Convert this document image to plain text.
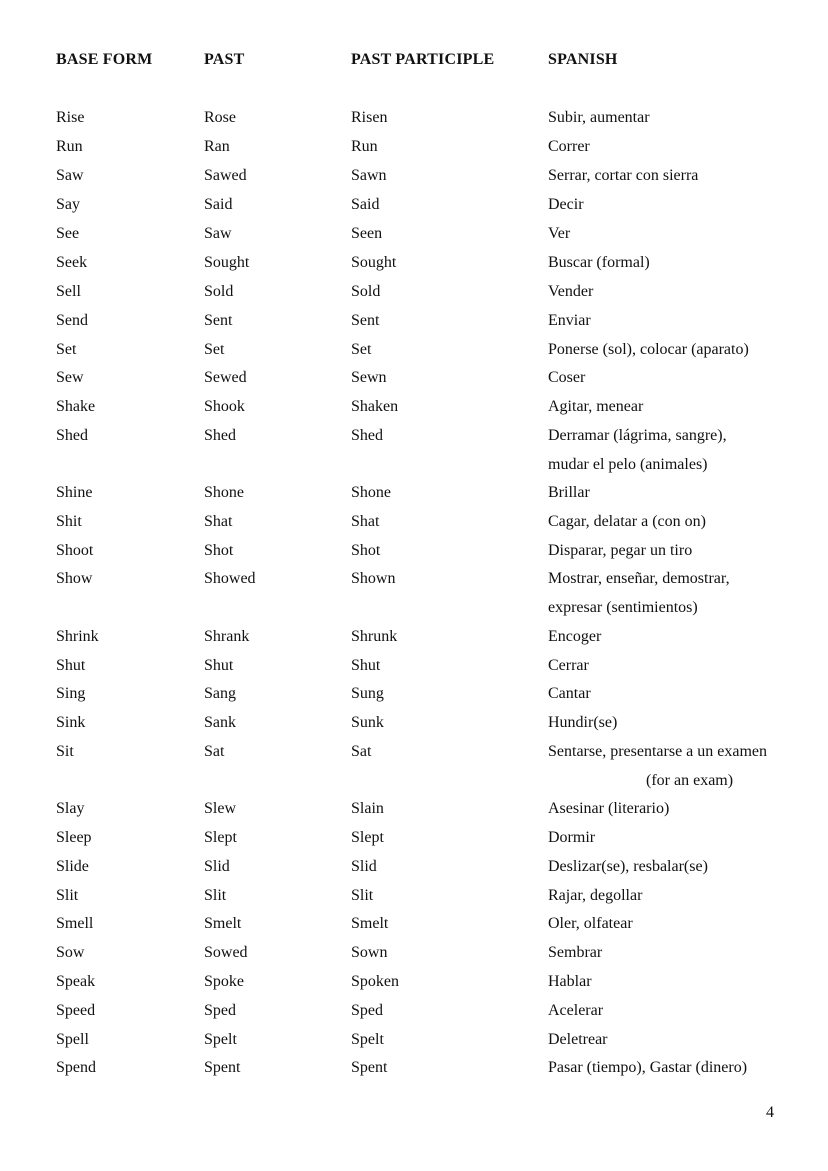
BASE FORM	PAST	PAST PARTICIPLE	SPANISH
Rise	Rose	Risen	Subir, aumentar
Run	Ran	Run	Correr
Saw	Sawed	Sawn	Serrar, cortar con sierra
Say	Said	Said	Decir
See	Saw	Seen	Ver
Seek	Sought	Sought	Buscar (formal)
Sell	Sold	Sold	Vender
Send	Sent	Sent	Enviar
Set	Set	Set	Ponerse (sol), colocar (aparato)
Sew	Sewed	Sewn	Coser
Shake	Shook	Shaken	Agitar, menear
Shed	Shed	Shed	Derramar (lágrima, sangre),
mudar el pelo (animales)
Shine	Shone	Shone	Brillar
Shit	Shat	Shat	Cagar, delatar a (con on)
Shoot	Shot	Shot	Disparar, pegar un tiro
Show	Showed	Shown	Mostrar, enseñar, demostrar,
expresar (sentimientos)
Shrink	Shrank	Shrunk	Encoger
Shut	Shut	Shut	Cerrar
Sing	Sang	Sung	Cantar
Sink	Sank	Sunk	Hundir(se)
Sit	Sat	Sat	Sentarse, presentarse a un examen
(for an exam)
Slay	Slew	Slain	Asesinar (literario)
Sleep	Slept	Slept	Dormir
Slide	Slid	Slid	Deslizar(se), resbalar(se)
Slit	Slit	Slit	Rajar, degollar
Smell	Smelt	Smelt	Oler, olfatear
Sow	Sowed	Sown	Sembrar
Speak	Spoke	Spoken	Hablar
Speed	Sped	Sped	Acelerar
Spell	Spelt	Spelt	Deletrear
Spend	Spent	Spent	Pasar (tiempo), Gastar (dinero)
4
